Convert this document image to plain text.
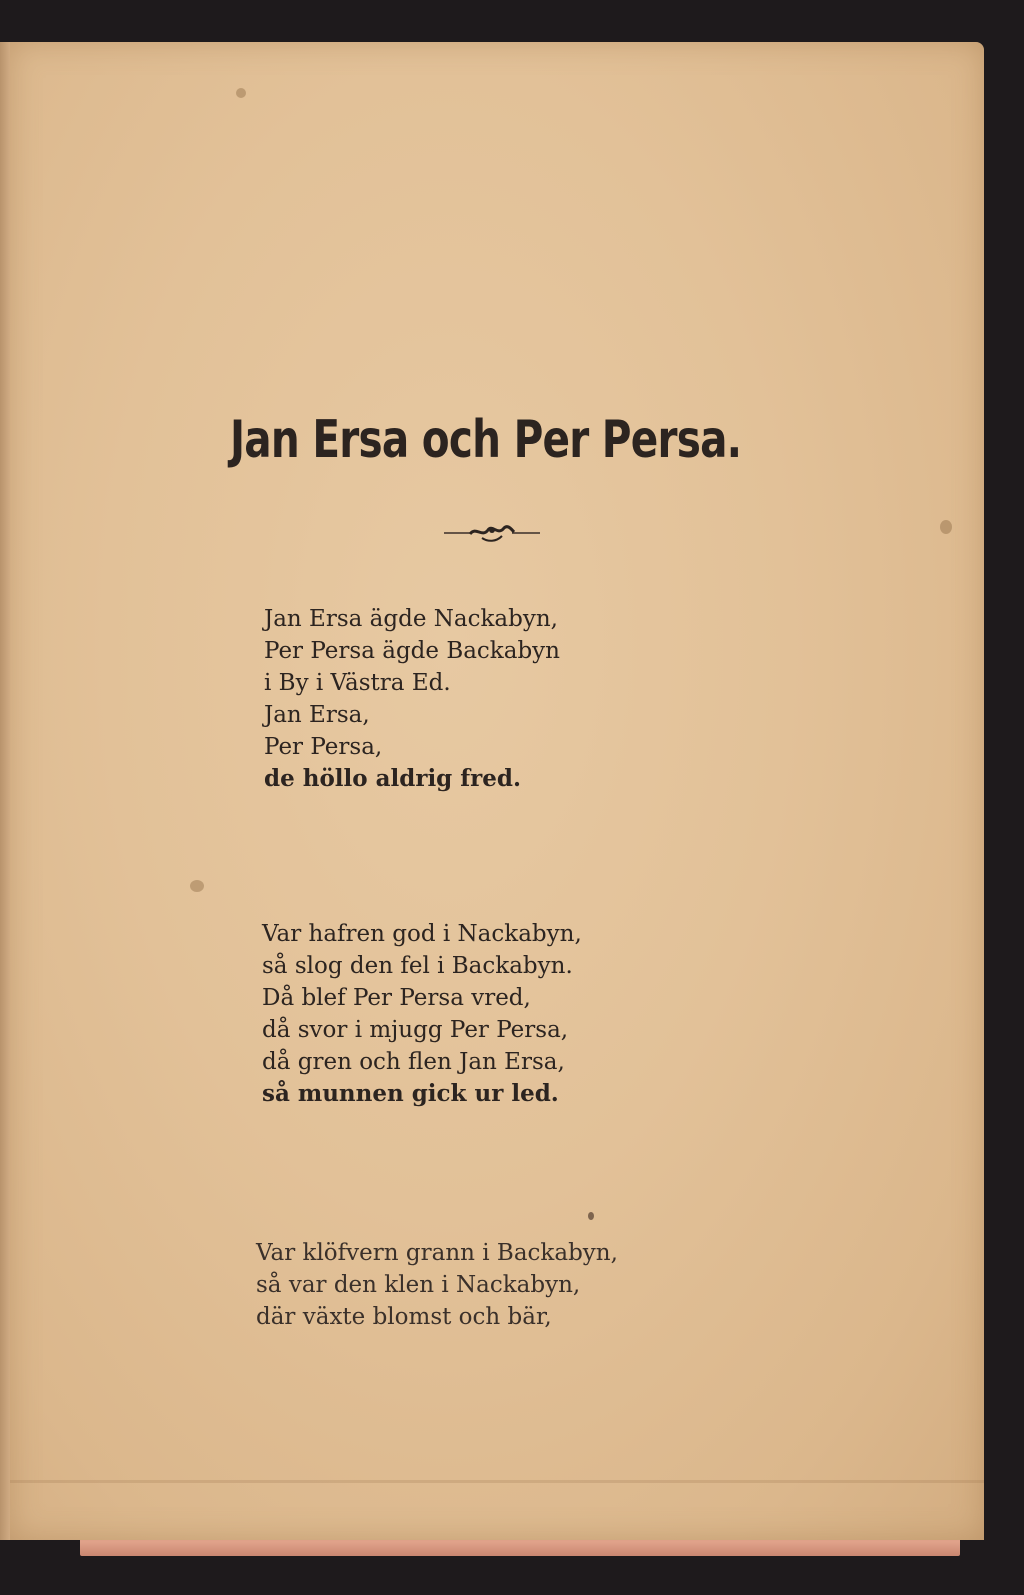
Jan Ersa och Per Persa.
Jan Ersa ägde Nackabyn,
Per Persa ägde Backabyn
i By i Västra Ed.
Jan Ersa,
Per Persa,
de höllo aldrig fred.
Var hafren god i Nackabyn,
så slog den fel i Backabyn.
Då blef Per Persa vred,
då svor i mjugg Per Persa,
då gren och flen Jan Ersa,
så munnen gick ur led.
Var klöfvern grann i Backabyn,
så var den klen i Nackabyn,
där växte blomst och bär,
